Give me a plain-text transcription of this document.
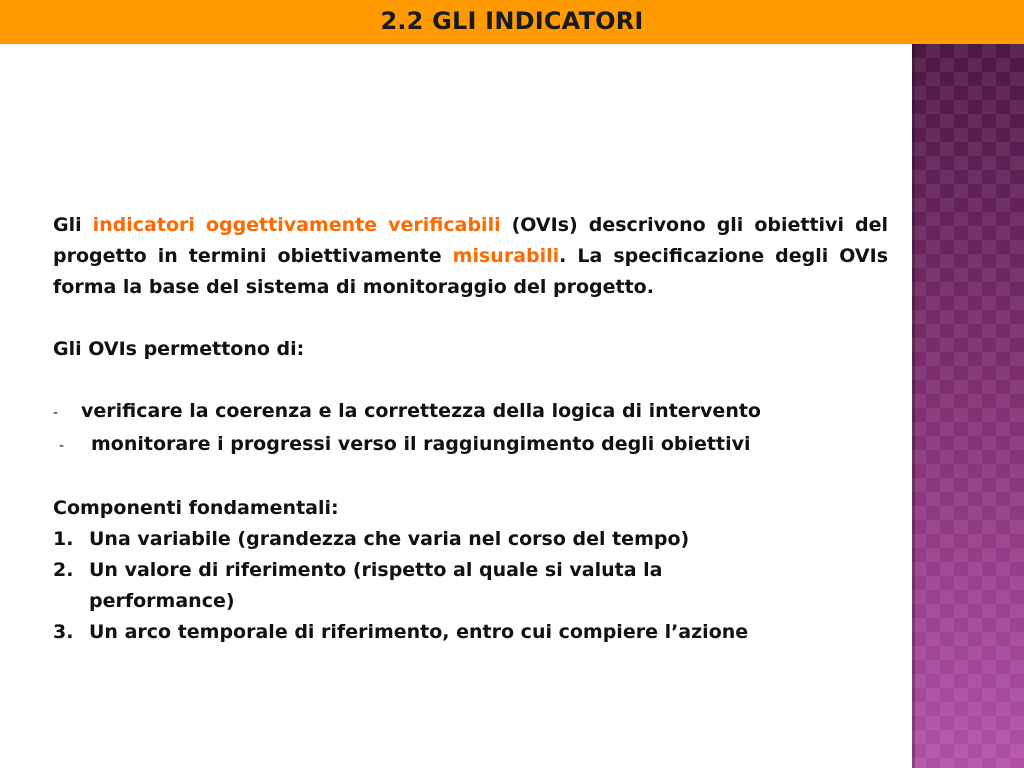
2.2 GLI INDICATORI

Gli indicatori oggettivamente verificabili (OVIs) descrivono gli obiettivi del progetto in termini obiettivamente misurabili. La specificazione degli OVIs forma la base del sistema di monitoraggio del progetto.

Gli OVIs permettono di:

- verificare la coerenza e la correttezza della logica di intervento

- monitorare i progressi verso il raggiungimento degli obiettivi

Componenti fondamentali:

1. Una variabile (grandezza che varia nel corso del tempo)
2. Un valore di riferimento (rispetto al quale si valuta la performance)
3. Un arco temporale di riferimento, entro cui compiere l’azione
